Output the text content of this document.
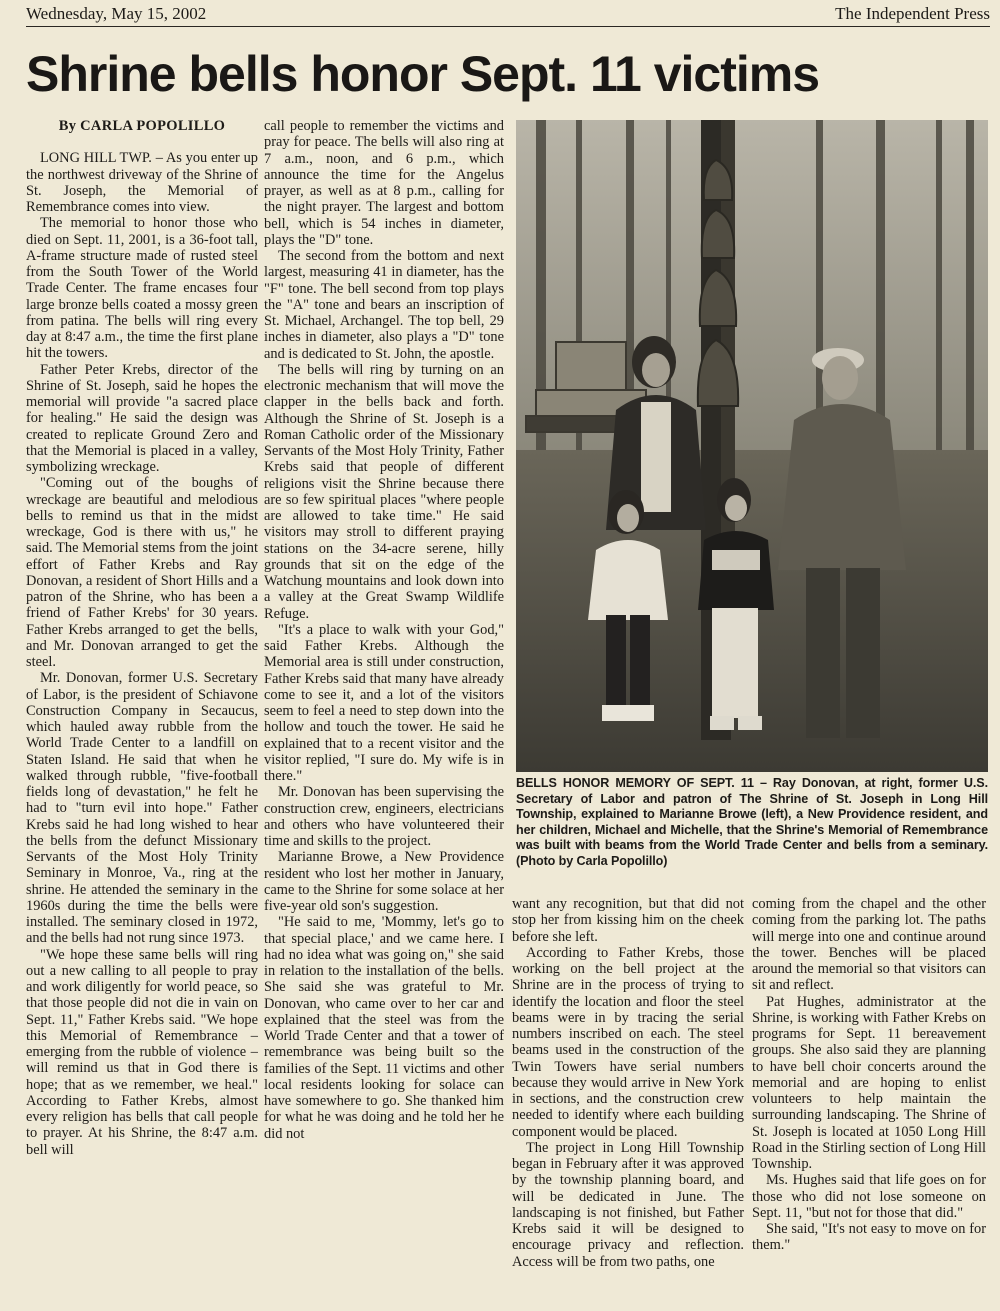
Wednesday, May 15, 2002	The Independent Press
Shrine bells honor Sept. 11 victims
By CARLA POPOLILLO

LONG HILL TWP. – As you enter up the northwest driveway of the Shrine of St. Joseph, the Memorial of Remembrance comes into view.

The memorial to honor those who died on Sept. 11, 2001, is a 36-foot tall, A-frame structure made of rusted steel from the South Tower of the World Trade Center. The frame encases four large bronze bells coated a mossy green from patina. The bells will ring every day at 8:47 a.m., the time the first plane hit the towers.

Father Peter Krebs, director of the Shrine of St. Joseph, said he hopes the memorial will provide "a sacred place for healing." He said the design was created to replicate Ground Zero and that the Memorial is placed in a valley, symbolizing wreckage.

"Coming out of the boughs of wreckage are beautiful and melodious bells to remind us that in the midst wreckage, God is there with us," he said. The Memorial stems from the joint effort of Father Krebs and Ray Donovan, a resident of Short Hills and a patron of the Shrine, who has been a friend of Father Krebs' for 30 years. Father Krebs arranged to get the bells, and Mr. Donovan arranged to get the steel.

Mr. Donovan, former U.S. Secretary of Labor, is the president of Schiavone Construction Company in Secaucus, which hauled away rubble from the World Trade Center to a landfill on Staten Island. He said that when he walked through rubble, "five-football fields long of devastation," he felt he had to "turn evil into hope." Father Krebs said he had long wished to hear the bells from the defunct Missionary Servants of the Most Holy Trinity Seminary in Monroe, Va., ring at the shrine. He attended the seminary in the 1960s during the time the bells were installed. The seminary closed in 1972, and the bells had not rung since 1973.

"We hope these same bells will ring out a new calling to all people to pray and work diligently for world peace, so that those people did not die in vain on Sept. 11," Father Krebs said. "We hope this Memorial of Remembrance – emerging from the rubble of violence – will remind us that in God there is hope; that as we remember, we heal." According to Father Krebs, almost every religion has bells that call people to prayer. At his Shrine, the 8:47 a.m. bell will

call people to remember the victims and pray for peace. The bells will also ring at 7 a.m., noon, and 6 p.m., which announce the time for the Angelus prayer, as well as at 8 p.m., calling for the night prayer. The largest and bottom bell, which is 54 inches in diameter, plays the "D" tone.

The second from the bottom and next largest, measuring 41 in diameter, has the "F" tone. The bell second from top plays the "A" tone and bears an inscription of St. Michael, Archangel. The top bell, 29 inches in diameter, also plays a "D" tone and is dedicated to St. John, the apostle.

The bells will ring by turning on an electronic mechanism that will move the clapper in the bells back and forth. Although the Shrine of St. Joseph is a Roman Catholic order of the Missionary Servants of the Most Holy Trinity, Father Krebs said that people of different religions visit the Shrine because there are so few spiritual places "where people are allowed to take time." He said visitors may stroll to different praying stations on the 34-acre serene, hilly grounds that sit on the edge of the Watchung mountains and look down into a valley at the Great Swamp Wildlife Refuge.

"It's a place to walk with your God," said Father Krebs. Although the Memorial area is still under construction, Father Krebs said that many have already come to see it, and a lot of the visitors seem to feel a need to step down into the hollow and touch the tower. He said he explained that to a recent visitor and the visitor replied, "I sure do. My wife is in there."

Mr. Donovan has been supervising the construction crew, engineers, electricians and others who have volunteered their time and skills to the project.

Marianne Browe, a New Providence resident who lost her mother in January, came to the Shrine for some solace at her five-year old son's suggestion.

"He said to me, 'Mommy, let's go to that special place,' and we came here. I had no idea what was going on," she said in relation to the installation of the bells. She said she was grateful to Mr. Donovan, who came over to her car and explained that the steel was from the World Trade Center and that a tower of remembrance was being built so the families of the Sept. 11 victims and other local residents looking for solace can have somewhere to go. She thanked him for what he was doing and he told her he did not

BELLS HONOR MEMORY OF SEPT. 11 – Ray Donovan, at right, former U.S. Secretary of Labor and patron of The Shrine of St. Joseph in Long Hill Township, explained to Marianne Browe (left), a New Providence resident, and her children, Michael and Michelle, that the Shrine's Memorial of Remembrance was built with beams from the World Trade Center and bells from a seminary. (Photo by Carla Popolillo)

want any recognition, but that did not stop her from kissing him on the cheek before she left.

According to Father Krebs, those working on the bell project at the Shrine are in the process of trying to identify the location and floor the steel beams were in by tracing the serial numbers inscribed on each. The steel beams used in the construction of the Twin Towers have serial numbers because they would arrive in New York in sections, and the construction crew needed to identify where each building component would be placed.

The project in Long Hill Township began in February after it was approved by the township planning board, and will be dedicated in June. The landscaping is not finished, but Father Krebs said it will be designed to encourage privacy and reflection. Access will be from two paths, one

coming from the chapel and the other coming from the parking lot. The paths will merge into one and continue around the tower. Benches will be placed around the memorial so that visitors can sit and reflect.

Pat Hughes, administrator at the Shrine, is working with Father Krebs on programs for Sept. 11 bereavement groups. She also said they are planning to have bell choir concerts around the memorial and are hoping to enlist volunteers to help maintain the surrounding landscaping. The Shrine of St. Joseph is located at 1050 Long Hill Road in the Stirling section of Long Hill Township.

Ms. Hughes said that life goes on for those who did not lose someone on Sept. 11, "but not for those that did."

She said, "It's not easy to move on for them."
